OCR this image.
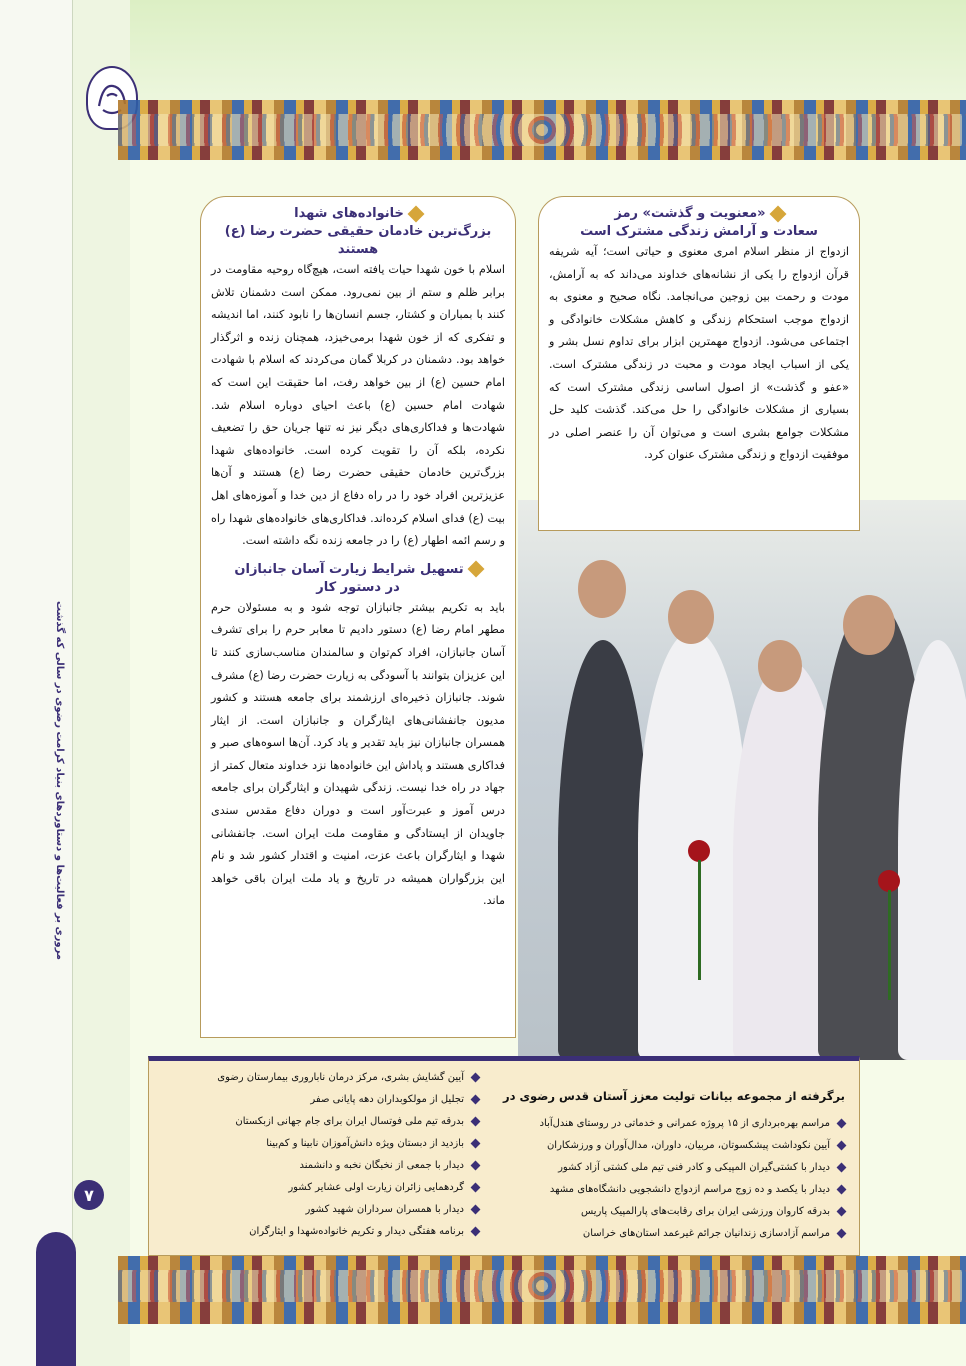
مروری بر فعالیت‌ها و دستاوردهای بنیاد کرامت رضوی در سالی که گذشت
۷
«معنویت و گذشت» رمز
سعادت و آرامش زندگی مشترک است
ازدواج از منظر اسلام امری معنوی و حیاتی است؛ آیه شریفه قرآن ازدواج را یکی از نشانه‌های خداوند می‌داند که به آرامش، مودت و رحمت بین زوجین می‌انجامد. نگاه صحیح و معنوی به ازدواج موجب استحکام زندگی و کاهش مشکلات خانوادگی و اجتماعی می‌شود. ازدواج مهمترین ابزار برای تداوم نسل بشر و یکی از اسباب ایجاد مودت و محبت در زندگی مشترک است. «عفو و گذشت» از اصول اساسی زندگی مشترک است که بسیاری از مشکلات خانوادگی را حل می‌کند. گذشت کلید حل مشکلات جوامع بشری است و می‌توان آن را عنصر اصلی در موفقیت ازدواج و زندگی مشترک عنوان کرد.
خانواده‌های شهدا
بزرگ‌ترین خادمان حقیقی حضرت رضا (ع)
هستند
اسلام با خون شهدا حیات یافته است، هیچ‌گاه روحیه مقاومت در برابر ظلم و ستم از بین نمی‌رود. ممکن است دشمنان تلاش کنند با بمباران و کشتار، جسم انسان‌ها را نابود کنند، اما اندیشه و تفکری که از خون شهدا برمی‌خیزد، همچنان زنده و اثرگذار خواهد بود. دشمنان در کربلا گمان می‌کردند که اسلام با شهادت امام حسین (ع) از بین خواهد رفت، اما حقیقت این است که شهادت امام حسین (ع) باعث احیای دوباره اسلام شد. شهادت‌ها و فداکاری‌های دیگر نیز نه تنها جریان حق را تضعیف نکرده، بلکه آن را تقویت کرده است. خانواده‌های شهدا بزرگ‌ترین خادمان حقیقی حضرت رضا (ع) هستند و آن‌ها عزیزترین افراد خود را در راه دفاع از دین خدا و آموزه‌های اهل بیت (ع) فدای اسلام کرده‌اند. فداکاری‌های خانواده‌های شهدا راه و رسم ائمه اطهار (ع) را در جامعه زنده نگه داشته است.
تسهیل شرایط زیارت آسان جانبازان
در دستور کار
باید به تکریم بیشتر جانبازان توجه شود و به مسئولان حرم مطهر امام رضا (ع) دستور دادیم تا معابر حرم را برای تشرف آسان جانبازان، افراد کم‌توان و سالمندان مناسب‌سازی کنند تا این عزیزان بتوانند با آسودگی به زیارت حضرت رضا (ع) مشرف شوند. جانبازان ذخیره‌ای ارزشمند برای جامعه هستند و کشور مدیون جانفشانی‌های ایثارگران و جانبازان است. از ایثار همسران جانبازان نیز باید تقدیر و یاد کرد. آن‌ها اسوه‌های صبر و فداکاری هستند و پاداش این خانواده‌ها نزد خداوند متعال کمتر از جهاد در راه خدا نیست. زندگی شهیدان و ایثارگران برای جامعه درس آموز و عبرت‌آور است و دوران دفاع مقدس سندی جاویدان از ایستادگی و مقاومت ملت ایران است. جانفشانی شهدا و ایثارگران باعث عزت، امنیت و اقتدار کشور شد و نام این بزرگواران همیشه در تاریخ و یاد ملت ایران باقی خواهد ماند.
برگرفته از مجموعه بیانات تولیت معزز آستان قدس رضوی در
مراسم بهره‌برداری از ۱۵ پروژه عمرانی و خدماتی در روستای هندل‌آباد
آیین نکوداشت پیشکسوتان، مربیان، داوران، مدال‌آوران و ورزشکاران
دیدار با کشتی‌گیران المپیکی و کادر فنی تیم ملی کشتی آزاد کشور
دیدار با یکصد و ده زوج مراسم ازدواج دانشجویی دانشگاه‌های مشهد
بدرقه کاروان ورزشی ایران برای رقابت‌های پارالمپیک پاریس
مراسم آزادسازی زندانیان جرائم غیرعمد استان‌های خراسان
آیین گشایش بشری، مرکز درمان ناباروری بیمارستان رضوی
تجلیل از مولکوبداران دهه پایانی صفر
بدرقه تیم ملی فوتسال ایران برای جام جهانی ازبکستان
بازدید از دبستان ویژه دانش‌آموزان نابینا و کم‌بینا
دیدار با جمعی از نخبگان نخبه و دانشمند
گردهمایی زائران زیارت اولی عشایر کشور
دیدار با همسران سرداران شهید کشور
برنامه هفتگی دیدار و تکریم خانواده‌شهدا و ایثارگران
